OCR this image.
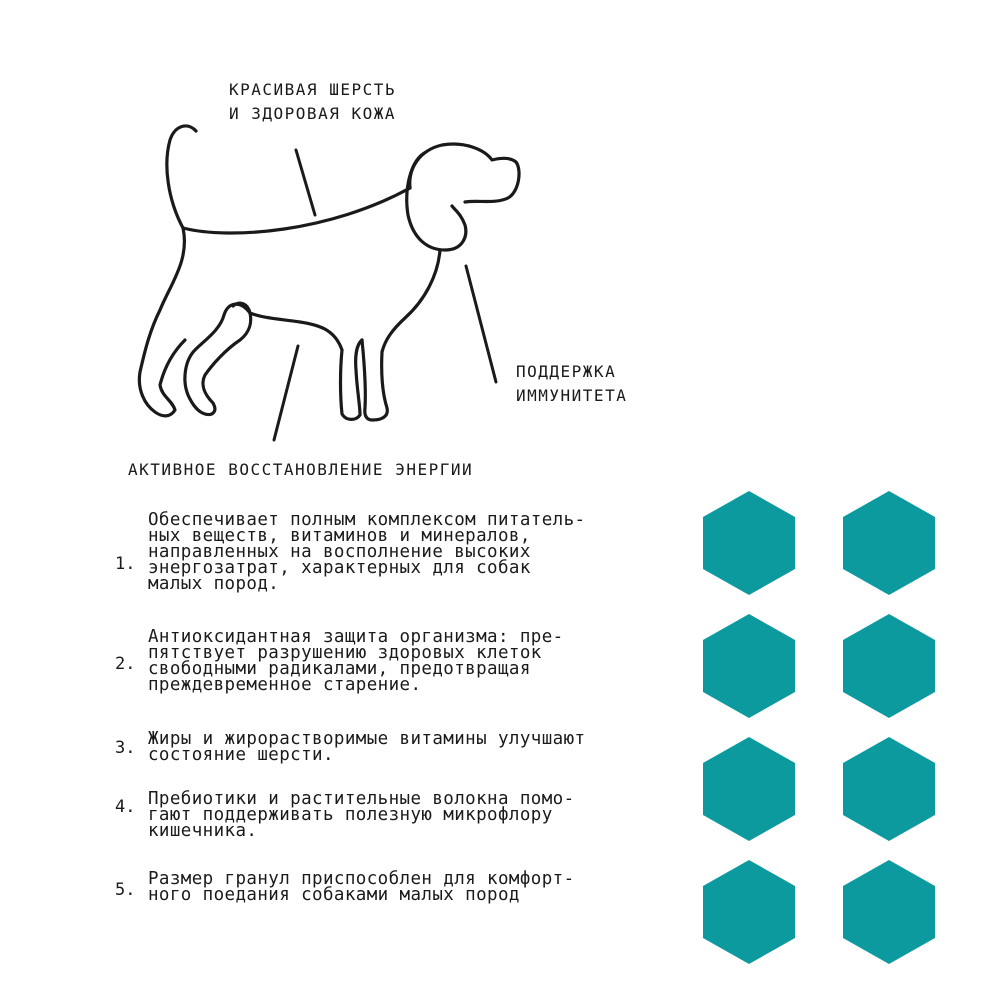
КРАСИВАЯ ШЕРСТЬ
И ЗДОРОВАЯ КОЖА
ПОДДЕРЖКА
ИММУНИТЕТА
АКТИВНОЕ ВОССТАНОВЛЕНИЕ ЭНЕРГИИ
1.
Обеспечивает полным комплексом питатель-
ных веществ, витаминов и минералов,
направленных на восполнение высоких
энергозатрат, характерных для собак
малых пород.
2.
Антиоксидантная защита организма: пре-
пятствует разрушению здоровых клеток
свободными радикалами, предотвращая
преждевременное старение.
3. Жиры и жирорастворимые витамины улучшают
состояние шерсти.
4. Пребиотики и растительные волокна помо-
гают поддерживать полезную микрофлору
кишечника.
5.
Размер гранул приспособлен для комфорт-
ного поедания собаками малых пород
